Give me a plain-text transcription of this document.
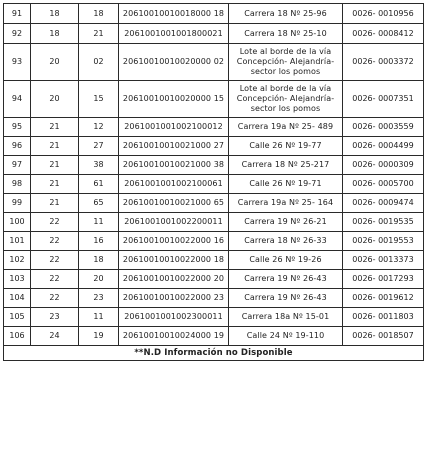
91	18	18	20610010010018000 18	Carrera 18 Nº 25-96	0026- 0010956
92	18	21	2061001001001800021	Carrera 18 Nº 25-10	0026- 0008412
93	20	02	20610010010020000 02	Lote al borde de la vía Concepción- Alejandría- sector los pomos	0026- 0003372
94	20	15	20610010010020000 15	Lote al borde de la vía Concepción- Alejandría- sector los pomos	0026- 0007351
95	21	12	2061001001002100012	Carrera 19a Nº 25- 489	0026- 0003559
96	21	27	20610010010021000 27	Calle 26 Nº 19-77	0026- 0004499
97	21	38	20610010010021000 38	Carrera 18 Nº 25-217	0026- 0000309
98	21	61	2061001001002100061	Calle 26 Nº 19-71	0026- 0005700
99	21	65	20610010010021000 65	Carrera 19a Nº 25- 164	0026- 0009474
100	22	11	2061001001002200011	Carrera 19 Nº 26-21	0026- 0019535
101	22	16	20610010010022000 16	Carrera 18 Nº 26-33	0026- 0019553
102	22	18	20610010010022000 18	Calle 26 Nº 19-26	0026- 0013373
103	22	20	20610010010022000 20	Carrera 19 Nº 26-43	0026- 0017293
104	22	23	20610010010022000 23	Carrera 19 Nº 26-43	0026- 0019612
105	23	11	2061001001002300011	Carrera 18a Nº 15-01	0026- 0011803
106	24	19	20610010010024000 19	Calle 24 Nº 19-110	0026- 0018507
**N.D Información no Disponible					
